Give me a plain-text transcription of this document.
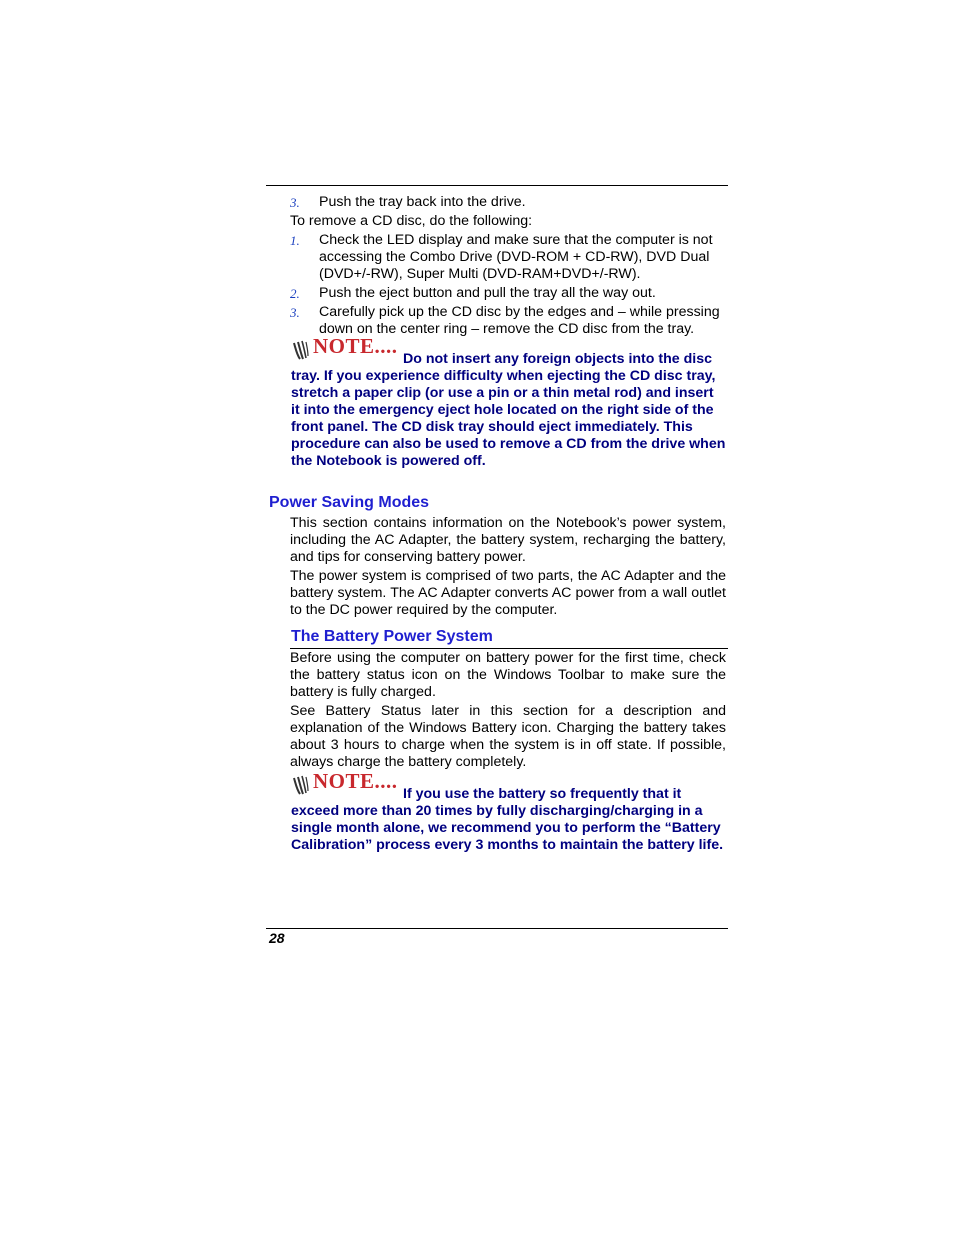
3. Push the tray back into the drive.
To remove a CD disc, do the following:
1. Check the LED display and make sure that the computer is not accessing the Combo Drive (DVD-ROM + CD-RW), DVD Dual (DVD+/-RW), Super Multi (DVD-RAM+DVD+/-RW).
2. Push the eject button and pull the tray all the way out.
3. Carefully pick up the CD disc by the edges and – while pressing down on the center ring – remove the CD disc from the tray.
NOTE....
Do not insert any foreign objects into the disc tray. If you experience difficulty when ejecting the CD disc tray, stretch a paper clip (or use a pin or a thin metal rod) and insert it into the emergency eject hole located on the right side of the front panel. The CD disk tray should eject immediately. This procedure can also be used to remove a CD from the drive when the Notebook is powered off.
Power Saving Modes

This section contains information on the Notebook’s power system, including the AC Adapter, the battery system, recharging the battery, and tips for conserving battery power.

The power system is comprised of two parts, the AC Adapter and the battery system. The AC Adapter converts AC power from a wall outlet to the DC power required by the computer.

The Battery Power System

Before using the computer on battery power for the first time, check the battery status icon on the Windows Toolbar to make sure the battery is fully charged.

See Battery Status later in this section for a description and explanation of the Windows Battery icon. Charging the battery takes about 3 hours to charge when the system is in off state. If possible, always charge the battery completely.

NOTE....
If you use the battery so frequently that it exceed more than 20 times by fully discharging/charging in a single month alone, we recommend you to perform the “Battery Calibration” process every 3 months to maintain the battery life.
28
